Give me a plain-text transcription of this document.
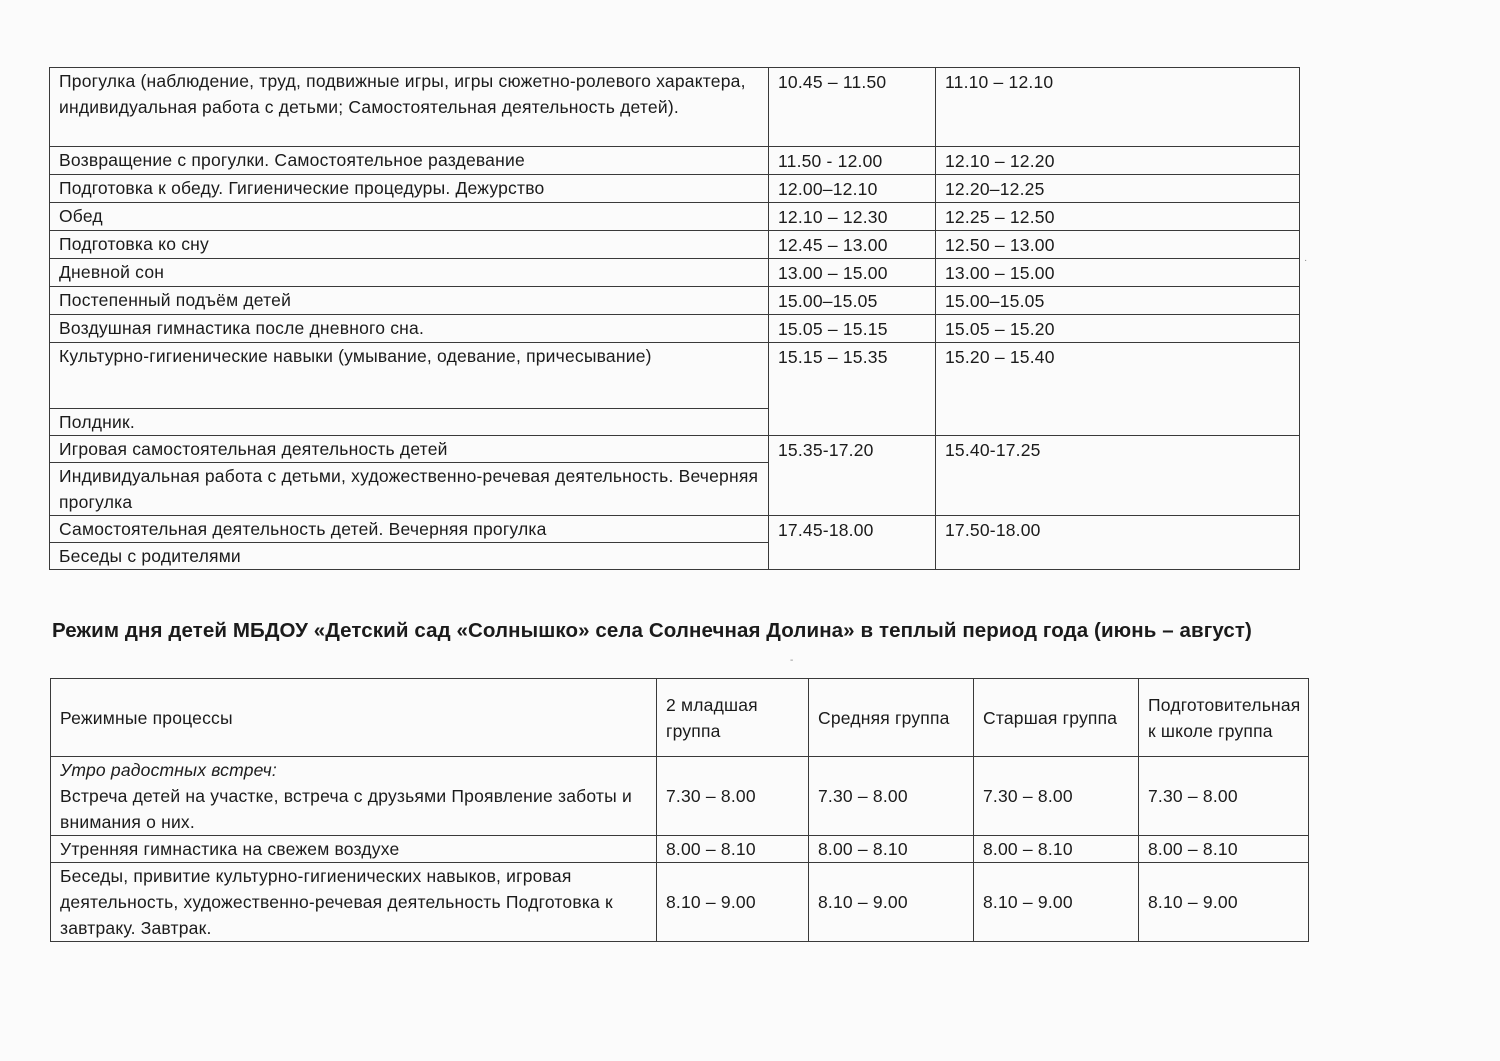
Прогулка (наблюдение, труд, подвижные игры, игры сюжетно-ролевого характера, индивидуальная работа с детьми; Самостоятельная деятельность детей).	10.45 – 11.50	11.10 – 12.10
Возвращение с прогулки. Самостоятельное раздевание	11.50 - 12.00	12.10 – 12.20
Подготовка к обеду. Гигиенические процедуры. Дежурство	12.00–12.10	12.20–12.25
Обед	12.10 – 12.30	12.25 – 12.50
Подготовка ко сну	12.45 – 13.00	12.50 – 13.00
Дневной сон	13.00 – 15.00	13.00 – 15.00
Постепенный подъём детей	15.00–15.05	15.00–15.05
Воздушная гимнастика после дневного сна.	15.05 – 15.15	15.05 – 15.20
Культурно-гигиенические навыки (умывание, одевание, причесывание)	15.15 – 15.35	15.20 – 15.40
Полдник.		
Игровая самостоятельная деятельность детей	15.35-17.20	15.40-17.25
Индивидуальная работа с детьми, художественно-речевая деятельность. Вечерняя прогулка		
Самостоятельная деятельность детей. Вечерняя прогулка	17.45-18.00	17.50-18.00
Беседы с родителями		
Режим дня детей МБДОУ «Детский сад «Солнышко» села Солнечная Долина» в теплый период года (июнь – август)
-
·
Режимные процессы	2 младшая группа	Средняя группа	Старшая группа	Подготовительная к школе группа

Утро радостных встреч:
Встреча детей на участке, встреча с друзьями Проявление заботы и внимания о них.	7.30 – 8.00	7.30 – 8.00	7.30 – 8.00	7.30 – 8.00
Утренняя гимнастика на свежем воздухе	8.00 – 8.10	8.00 – 8.10	8.00 – 8.10	8.00 – 8.10
Беседы, привитие культурно-гигиенических навыков, игровая деятельность, художественно-речевая деятельность Подготовка к завтраку. Завтрак.	8.10 – 9.00	8.10 – 9.00	8.10 – 9.00	8.10 – 9.00
